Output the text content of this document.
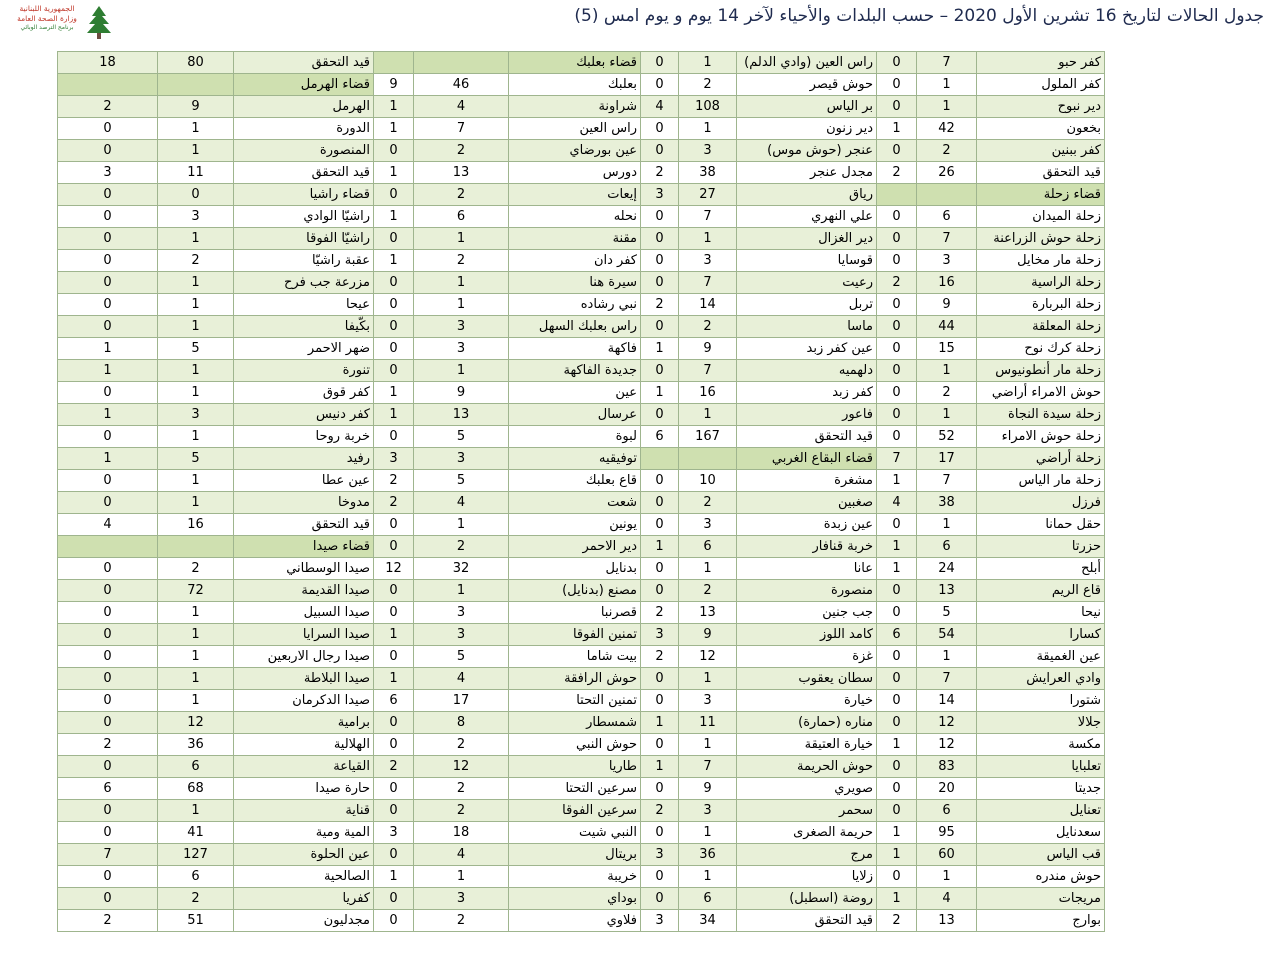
الجمهورية اللبنانية
وزارة الصحة العامة
برنامج الترصد الوبائي
جدول الحالات لتاريخ 16 تشرين الأول 2020 – حسب البلدات والأحياء لآخر 14 يوم و يوم امس (5)
كفر حبو	7	0	راس العين (وادي الدلم)	1	0	قضاء بعلبك			قيد التحقق	80	18
كفر الملول	1	0	حوش قيصر	2	0	بعلبك	46	9	قضاء الهرمل		
دير نبوح	1	0	بر الياس	108	4	شراونة	4	1	الهرمل	9	2
بخعون	42	1	دير زنون	1	0	راس العين	7	1	الدورة	1	0
كفر ببنين	2	0	عنجر (حوش موس)	3	0	عين بورضاي	2	0	المنصورة	1	0
قيد التحقق	26	2	مجدل عنجر	38	2	دورس	13	1	قيد التحقق	11	3
قضاء زحلة			رياق	27	3	إيعات	2	0	قضاء راشيا	0	0
زحلة الميدان	6	0	علي النهري	7	0	نحله	6	1	راشيّا الوادي	3	0
زحلة حوش الزراعنة	7	0	دير الغزال	1	0	مقنة	1	0	راشيّا الفوقا	1	0
زحلة مار مخايل	3	0	قوسايا	3	0	كفر دان	2	1	عقبة راشيّا	2	0
زحلة الراسية	16	2	رعيت	7	0	سيرة هنا	1	0	مزرعة جب فرح	1	0
زحلة البربارة	9	0	تربل	14	2	نبي رشاده	1	0	عيحا	1	0
زحلة المعلقة	44	0	ماسا	2	0	راس بعلبك السهل	3	0	بكّيفا	1	0
زحلة كرك نوح	15	0	عين كفر زبد	9	1	فاكهة	3	0	ضهر الاحمر	5	1
زحلة مار أنطونيوس	1	0	دلهميه	7	0	جديدة الفاكهة	1	0	تنورة	1	1
حوش الامراء أراضي	2	0	كفر زبد	16	1	عين	9	1	كفر قوق	1	0
زحلة سيدة النجاة	1	0	فاعور	1	0	عرسال	13	1	كفر دنيس	3	1
زحلة حوش الامراء	52	0	قيد التحقق	167	6	لبوة	5	0	خربة روحا	1	0
زحلة أراضي	17	7	قضاء البقاع الغربي			توفيقيه	3	3	رفيد	5	1
زحلة مار الياس	7	1	مشغرة	10	0	قاع بعلبك	5	2	عين عطا	1	0
فرزل	38	4	صغبين	2	0	شعت	4	2	مدوخا	1	0
حقل حمانا	1	0	عين زبدة	3	0	يونين	1	0	قيد التحقق	16	4
حزرتا	6	1	خربة قنافار	6	1	دير الاحمر	2	0	قضاء صيدا		
أبلح	24	1	عانا	1	0	بدنايل	32	12	صيدا الوسطاني	2	0
قاع الريم	13	0	منصورة	2	0	مصنع (بدنايل)	1	0	صيدا القديمة	72	0
نيحا	5	0	جب جنين	13	2	قصرنبا	3	0	صيدا السبيل	1	0
كسارا	54	6	كامد اللوز	9	3	تمنين الفوقا	3	1	صيدا السرايا	1	0
عين الغميقة	1	0	غزة	12	2	بيت شاما	5	0	صيدا رجال الاربعين	1	0
وادي العرايش	7	0	سطان يعقوب	1	0	حوش الرافقة	4	1	صيدا البلاطة	1	0
شتورا	14	0	خيارة	3	0	تمنين التحتا	17	6	صيدا الدكرمان	1	0
جلالا	12	0	مناره (حمارة)	11	1	شمسطار	8	0	برامية	12	0
مكسة	12	1	خيارة العتيقة	1	0	حوش النبي	2	0	الهلالية	36	2
تعلبايا	83	0	حوش الحريمة	7	1	طاريا	12	2	القياعة	6	0
جديتا	20	0	صويري	9	0	سرعين التحتا	2	0	حارة صيدا	68	6
تعنايل	6	0	سحمر	3	2	سرعين الفوقا	2	0	قناية	1	0
سعدنايل	95	1	حريمة الصغرى	1	0	النبي شيت	18	3	المية ومية	41	0
قب الياس	60	1	مرج	36	3	بريتال	4	0	عين الحلوة	127	7
حوش مندره	1	0	زلايا	1	0	خريبة	1	1	الصالحية	6	0
مريجات	4	1	روضة (اسطبل)	6	0	بوداي	3	0	كفريا	2	0
بوارج	13	2	قيد التحقق	34	3	فلاوي	2	0	مجدليون	51	2
